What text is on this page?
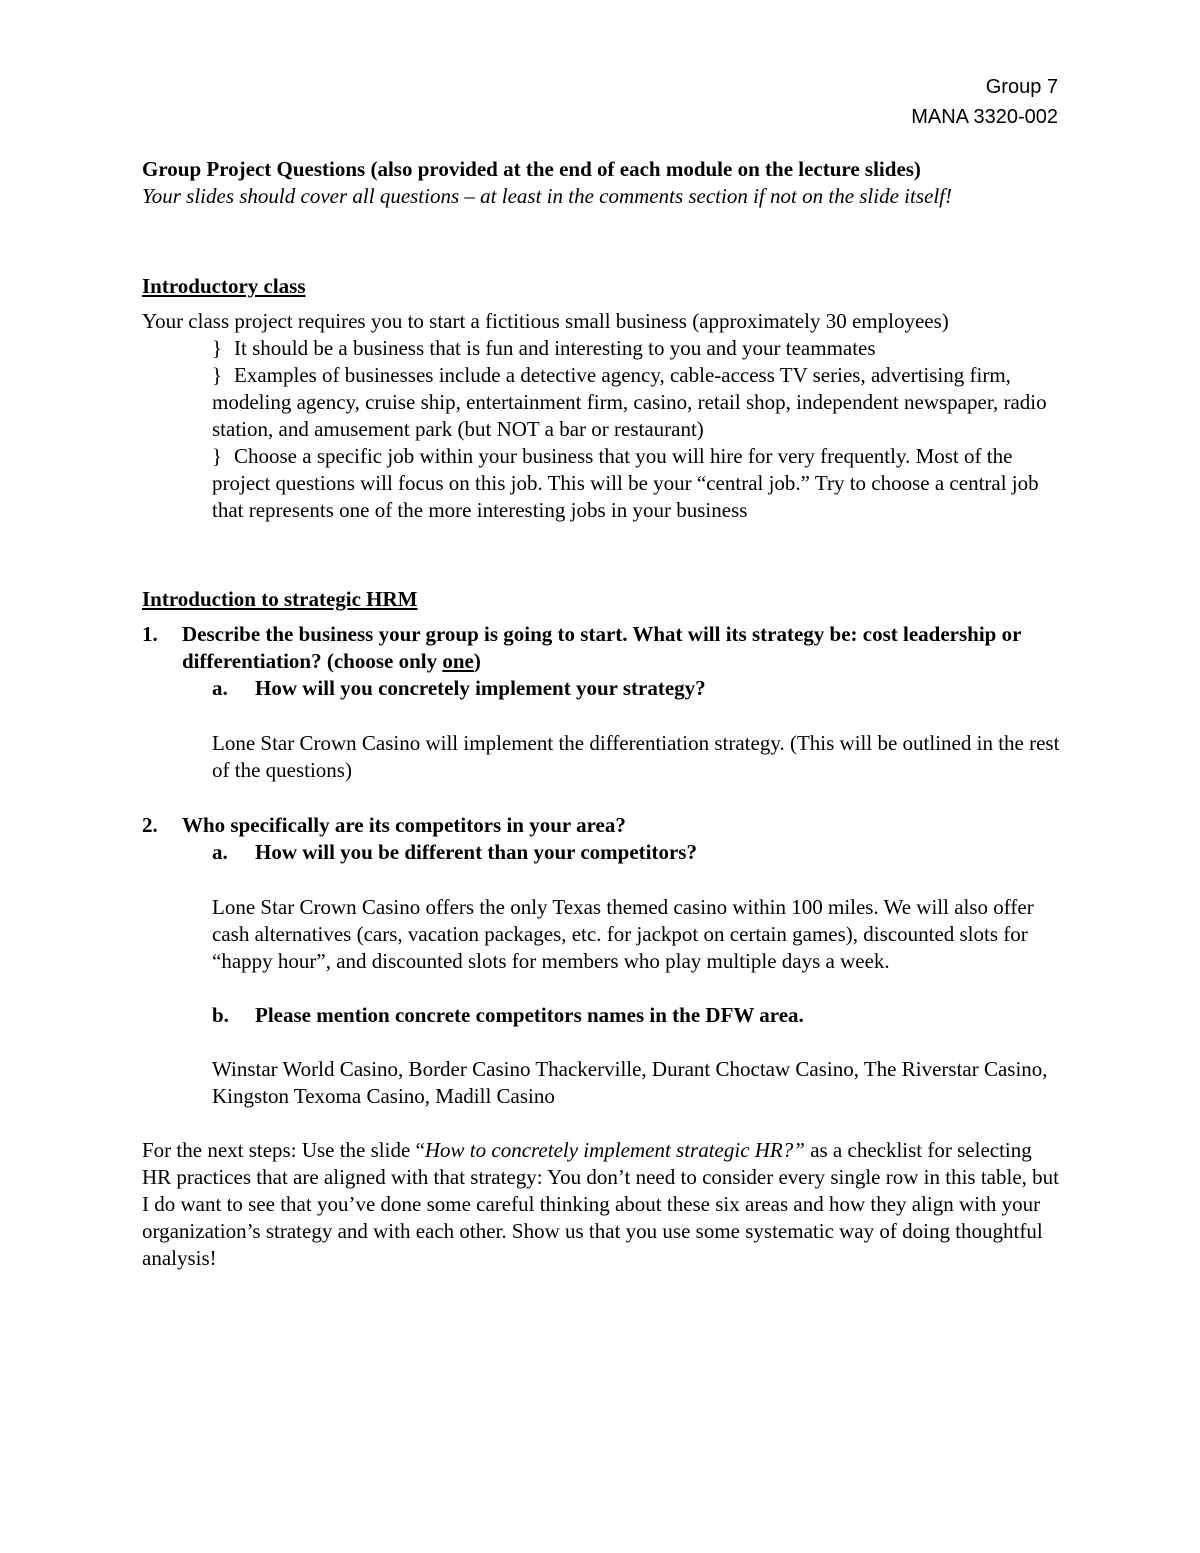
Group 7
MANA 3320-002

Group Project Questions (also provided at the end of each module on the lecture slides)

Your slides should cover all questions – at least in the comments section if not on the slide itself!

Introductory class

Your class project requires you to start a fictitious small business (approximately 30 employees)

} It should be a business that is fun and interesting to you and your teammates

} Examples of businesses include a detective agency, cable-access TV series, advertising firm, modeling agency, cruise ship, entertainment firm, casino, retail shop, independent newspaper, radio station, and amusement park (but NOT a bar or restaurant)

} Choose a specific job within your business that you will hire for very frequently. Most of the project questions will focus on this job. This will be your “central job.” Try to choose a central job that represents one of the more interesting jobs in your business

Introduction to strategic HRM

1.	Describe the business your group is going to start. What will its strategy be: cost leadership or differentiation? (choose only one)

a.	How will you concretely implement your strategy?

Lone Star Crown Casino will implement the differentiation strategy. (This will be outlined in the rest of the questions)

2.	Who specifically are its competitors in your area?

a.	How will you be different than your competitors?

Lone Star Crown Casino offers the only Texas themed casino within 100 miles. We will also offer cash alternatives (cars, vacation packages, etc. for jackpot on certain games), discounted slots for “happy hour”, and discounted slots for members who play multiple days a week.

b.	Please mention concrete competitors names in the DFW area.

Winstar World Casino, Border Casino Thackerville, Durant Choctaw Casino, The Riverstar Casino, Kingston Texoma Casino, Madill Casino

For the next steps: Use the slide “How to concretely implement strategic HR?” as a checklist for selecting HR practices that are aligned with that strategy: You don’t need to consider every single row in this table, but I do want to see that you’ve done some careful thinking about these six areas and how they align with your organization’s strategy and with each other. Show us that you use some systematic way of doing thoughtful analysis!
